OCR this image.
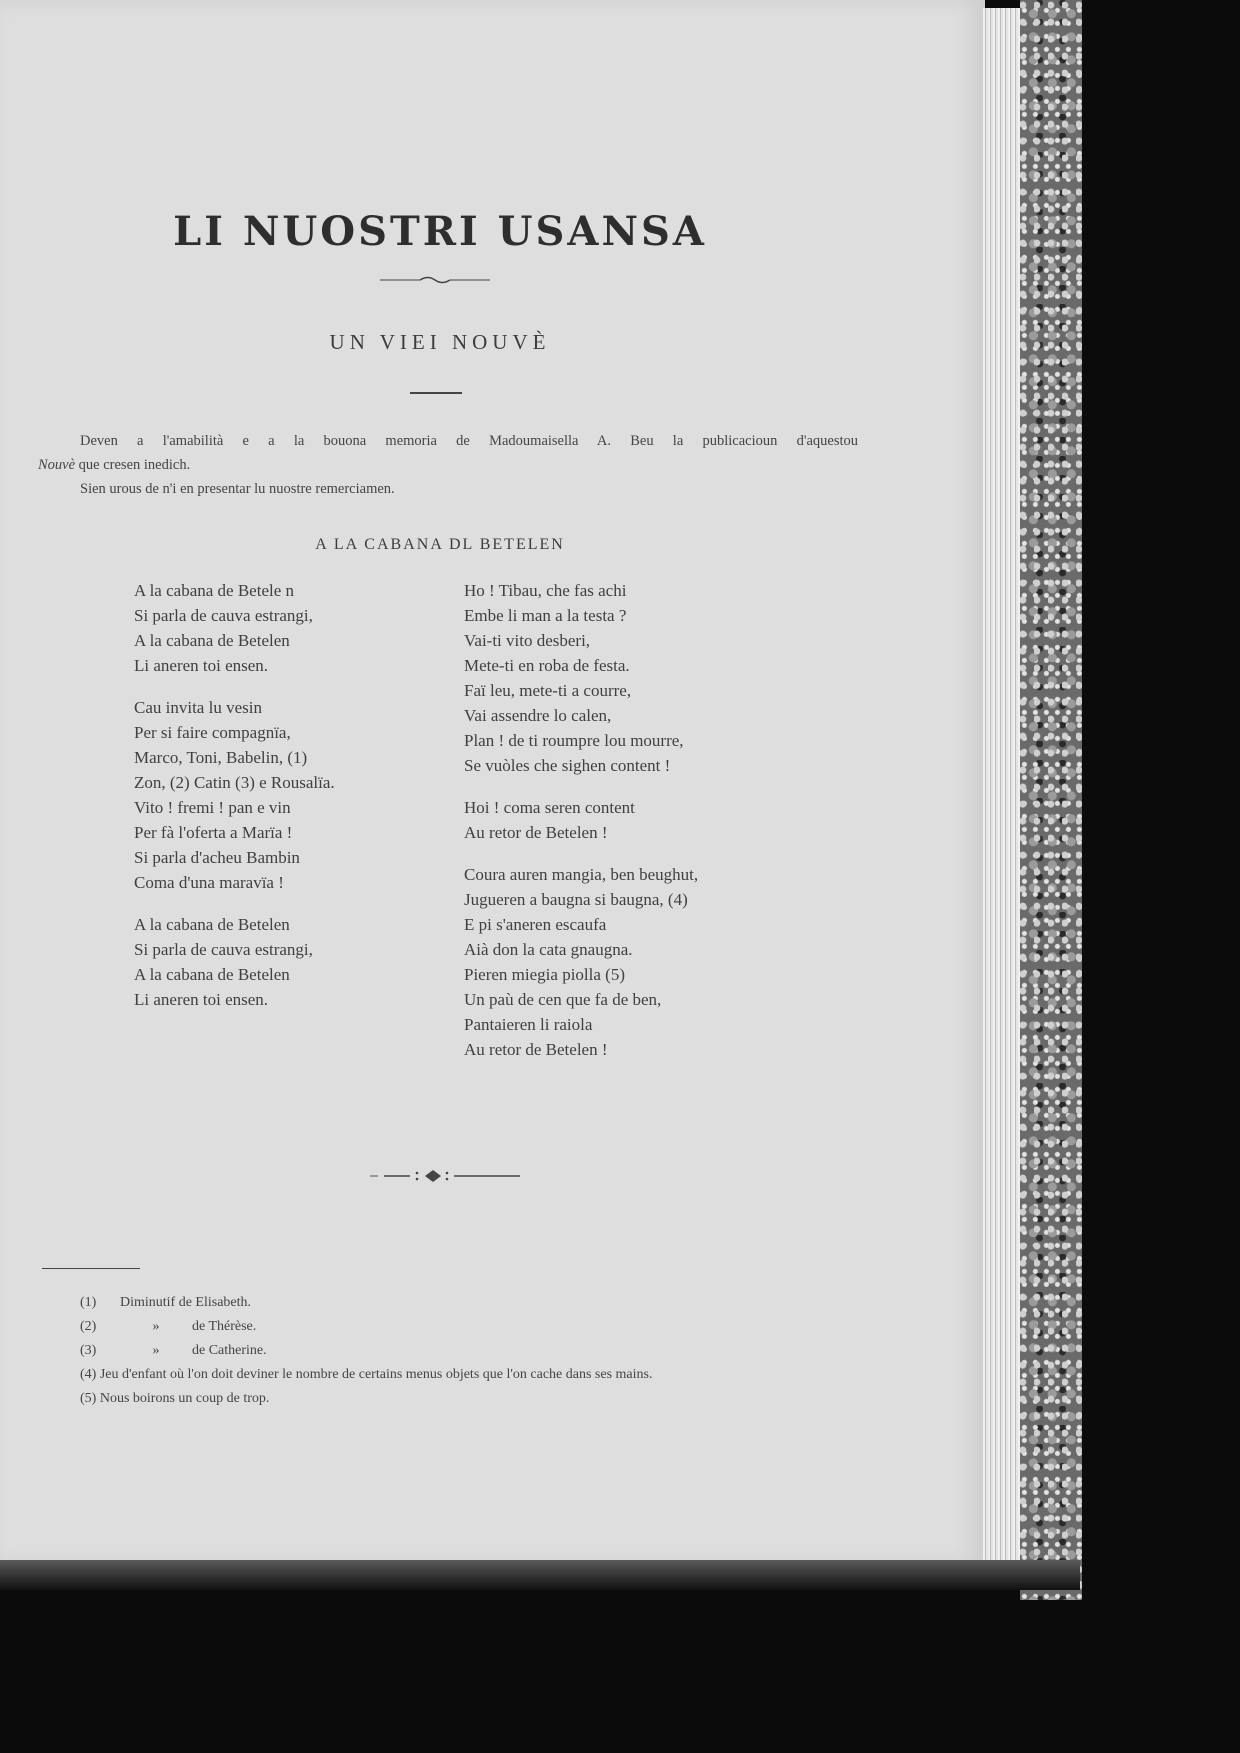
LI NUOSTRI USANSA
UN VIEI NOUVÈ

Deven a l'amabilità e a la bouona memoria de Madoumaisella A. Beu la publicacioun d'aquestou

Nouvè que cresen inedich.

Sien urous de n'i en presentar lu nuostre remerciamen.

A LA CABANA DL BETELEN
A la cabana de Betele n
Si parla de cauva estrangi,
A la cabana de Betelen
Li aneren toi ensen.
Cau invita lu vesin
Per si faire compagnïa,
Marco, Toni, Babelin, (1)
Zon, (2) Catin (3) e Rousalïa.
Vito ! fremi ! pan e vin
Per fà l'oferta a Marïa !
Si parla d'acheu Bambin
Coma d'una maravïa !
A la cabana de Betelen
Si parla de cauva estrangi,
A la cabana de Betelen
Li aneren toi ensen.
Ho ! Tibau, che fas achi
Embe li man a la testa ?
Vai-ti vito desberi,
Mete-ti en roba de festa.
Faï leu, mete-ti a courre,
Vai assendre lo calen,
Plan ! de ti roumpre lou mourre,
Se vuòles che sighen content !
Hoi ! coma seren content
Au retor de Betelen !
Coura auren mangia, ben beughut,
Jugueren a baugna si baugna, (4)
E pi s'aneren escaufa
Aià don la cata gnaugna.
Pieren miegia piolla (5)
Un paù de cen que fa de ben,
Pantaieren li raiola
Au retor de Betelen !

(1) Diminutif de Elisabeth.

(2)	» de Thérèse.

(3)	» de Catherine.

(4) Jeu d'enfant où l'on doit deviner le nombre de certains menus objets que l'on cache dans ses mains.

(5) Nous boirons un coup de trop.
